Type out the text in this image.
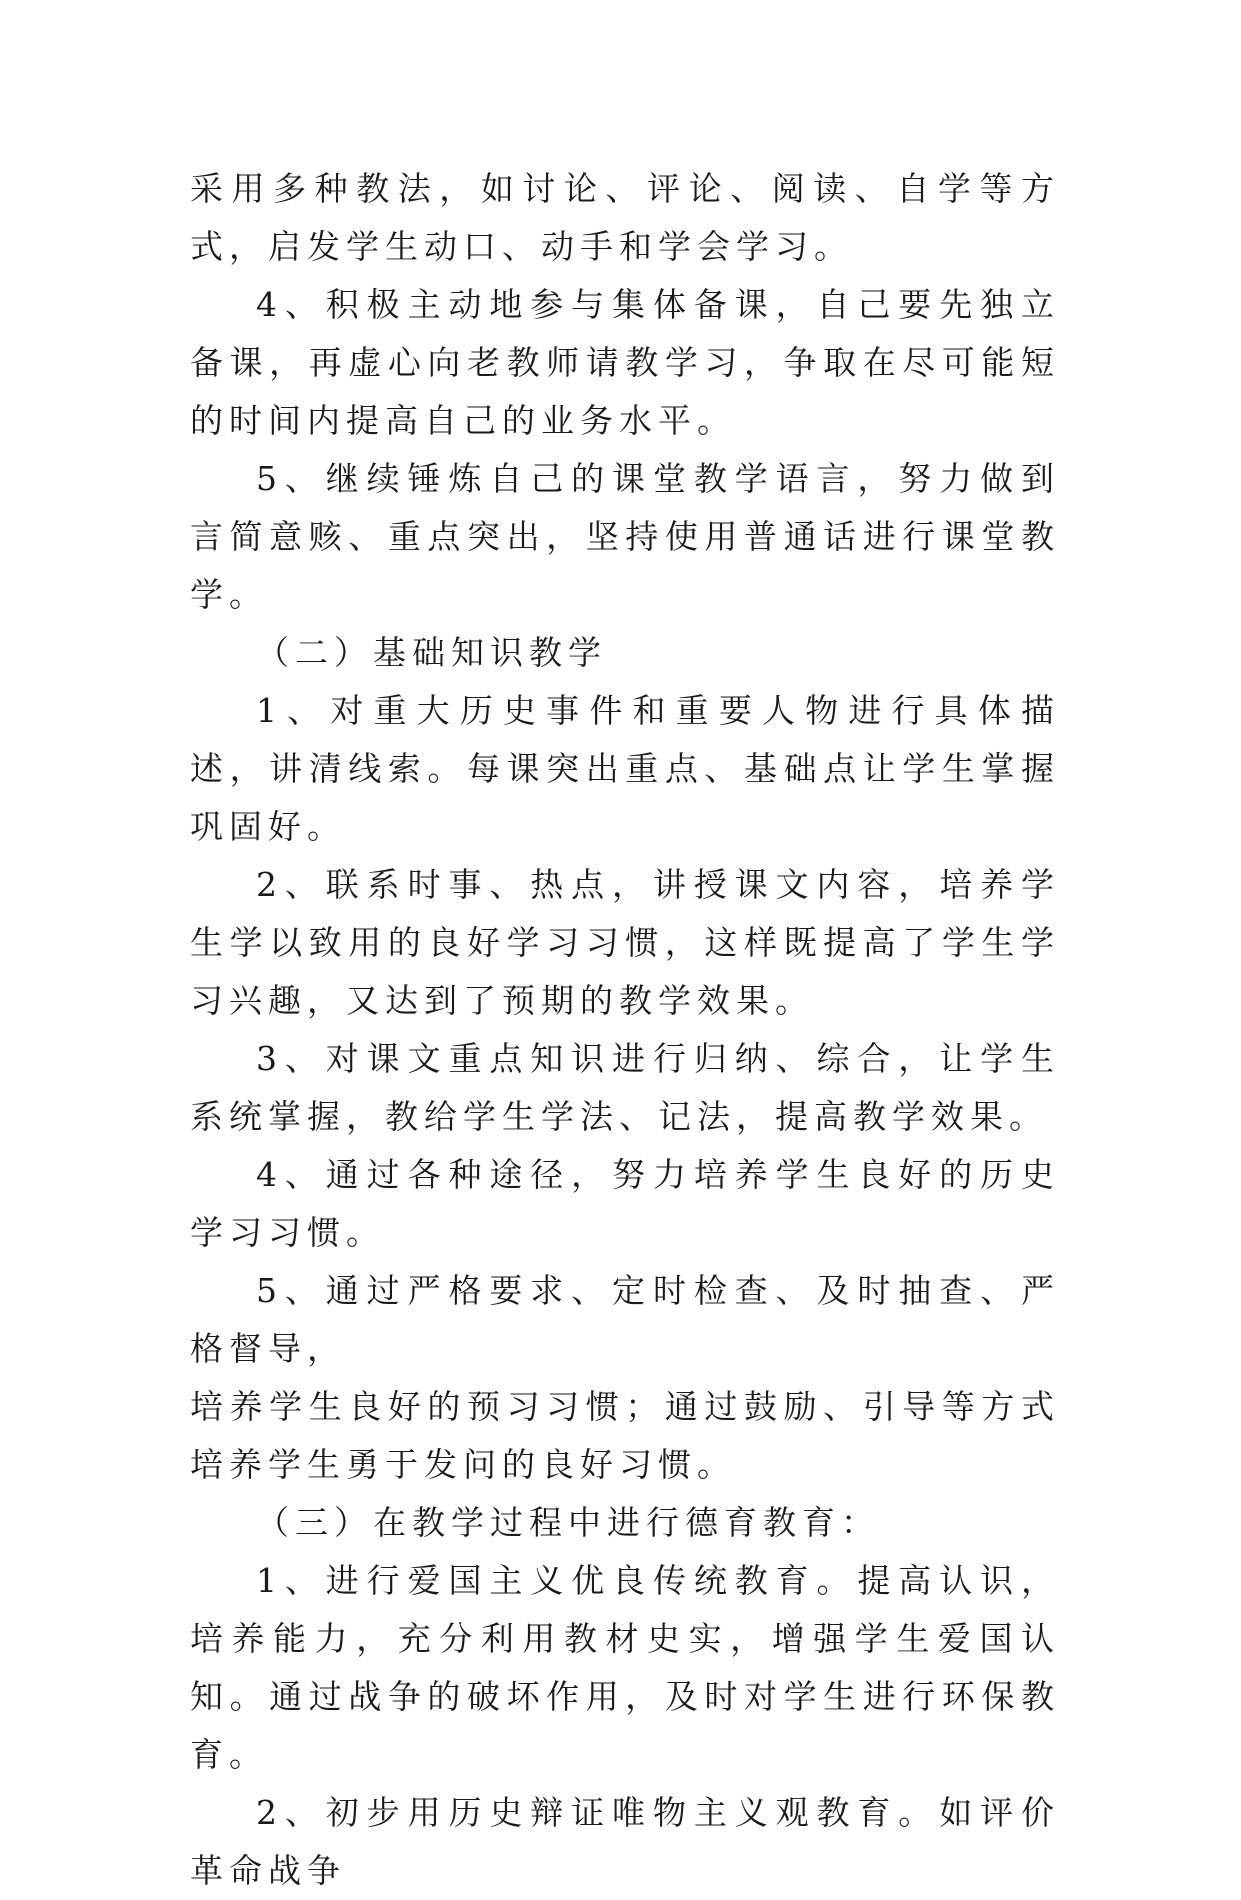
采用多种教法，如讨论、评论、阅读、自学等方式，启发学生动口、动手和学会学习。

4、积极主动地参与集体备课，自己要先独立备课，再虚心向老教师请教学习，争取在尽可能短的时间内提高自己的业务水平。

5、继续锤炼自己的课堂教学语言，努力做到言简意赅、重点突出，坚持使用普通话进行课堂教学。

（二）基础知识教学

1、对重大历史事件和重要人物进行具体描述，讲清线索。每课突出重点、基础点让学生掌握巩固好。

2、联系时事、热点，讲授课文内容，培养学生学以致用的良好学习习惯，这样既提高了学生学习兴趣，又达到了预期的教学效果。

3、对课文重点知识进行归纳、综合，让学生系统掌握，教给学生学法、记法，提高教学效果。

4、通过各种途径，努力培养学生良好的历史学习习惯。

5、通过严格要求、定时检查、及时抽查、严格督导，

培养学生良好的预习习惯；通过鼓励、引导等方式培养学生勇于发问的良好习惯。

（三）在教学过程中进行德育教育：

1、进行爱国主义优良传统教育。提高认识，培养能力，充分利用教材史实，增强学生爱国认知。通过战争的破坏作用，及时对学生进行环保教育。

2、初步用历史辩证唯物主义观教育。如评价革命战争
